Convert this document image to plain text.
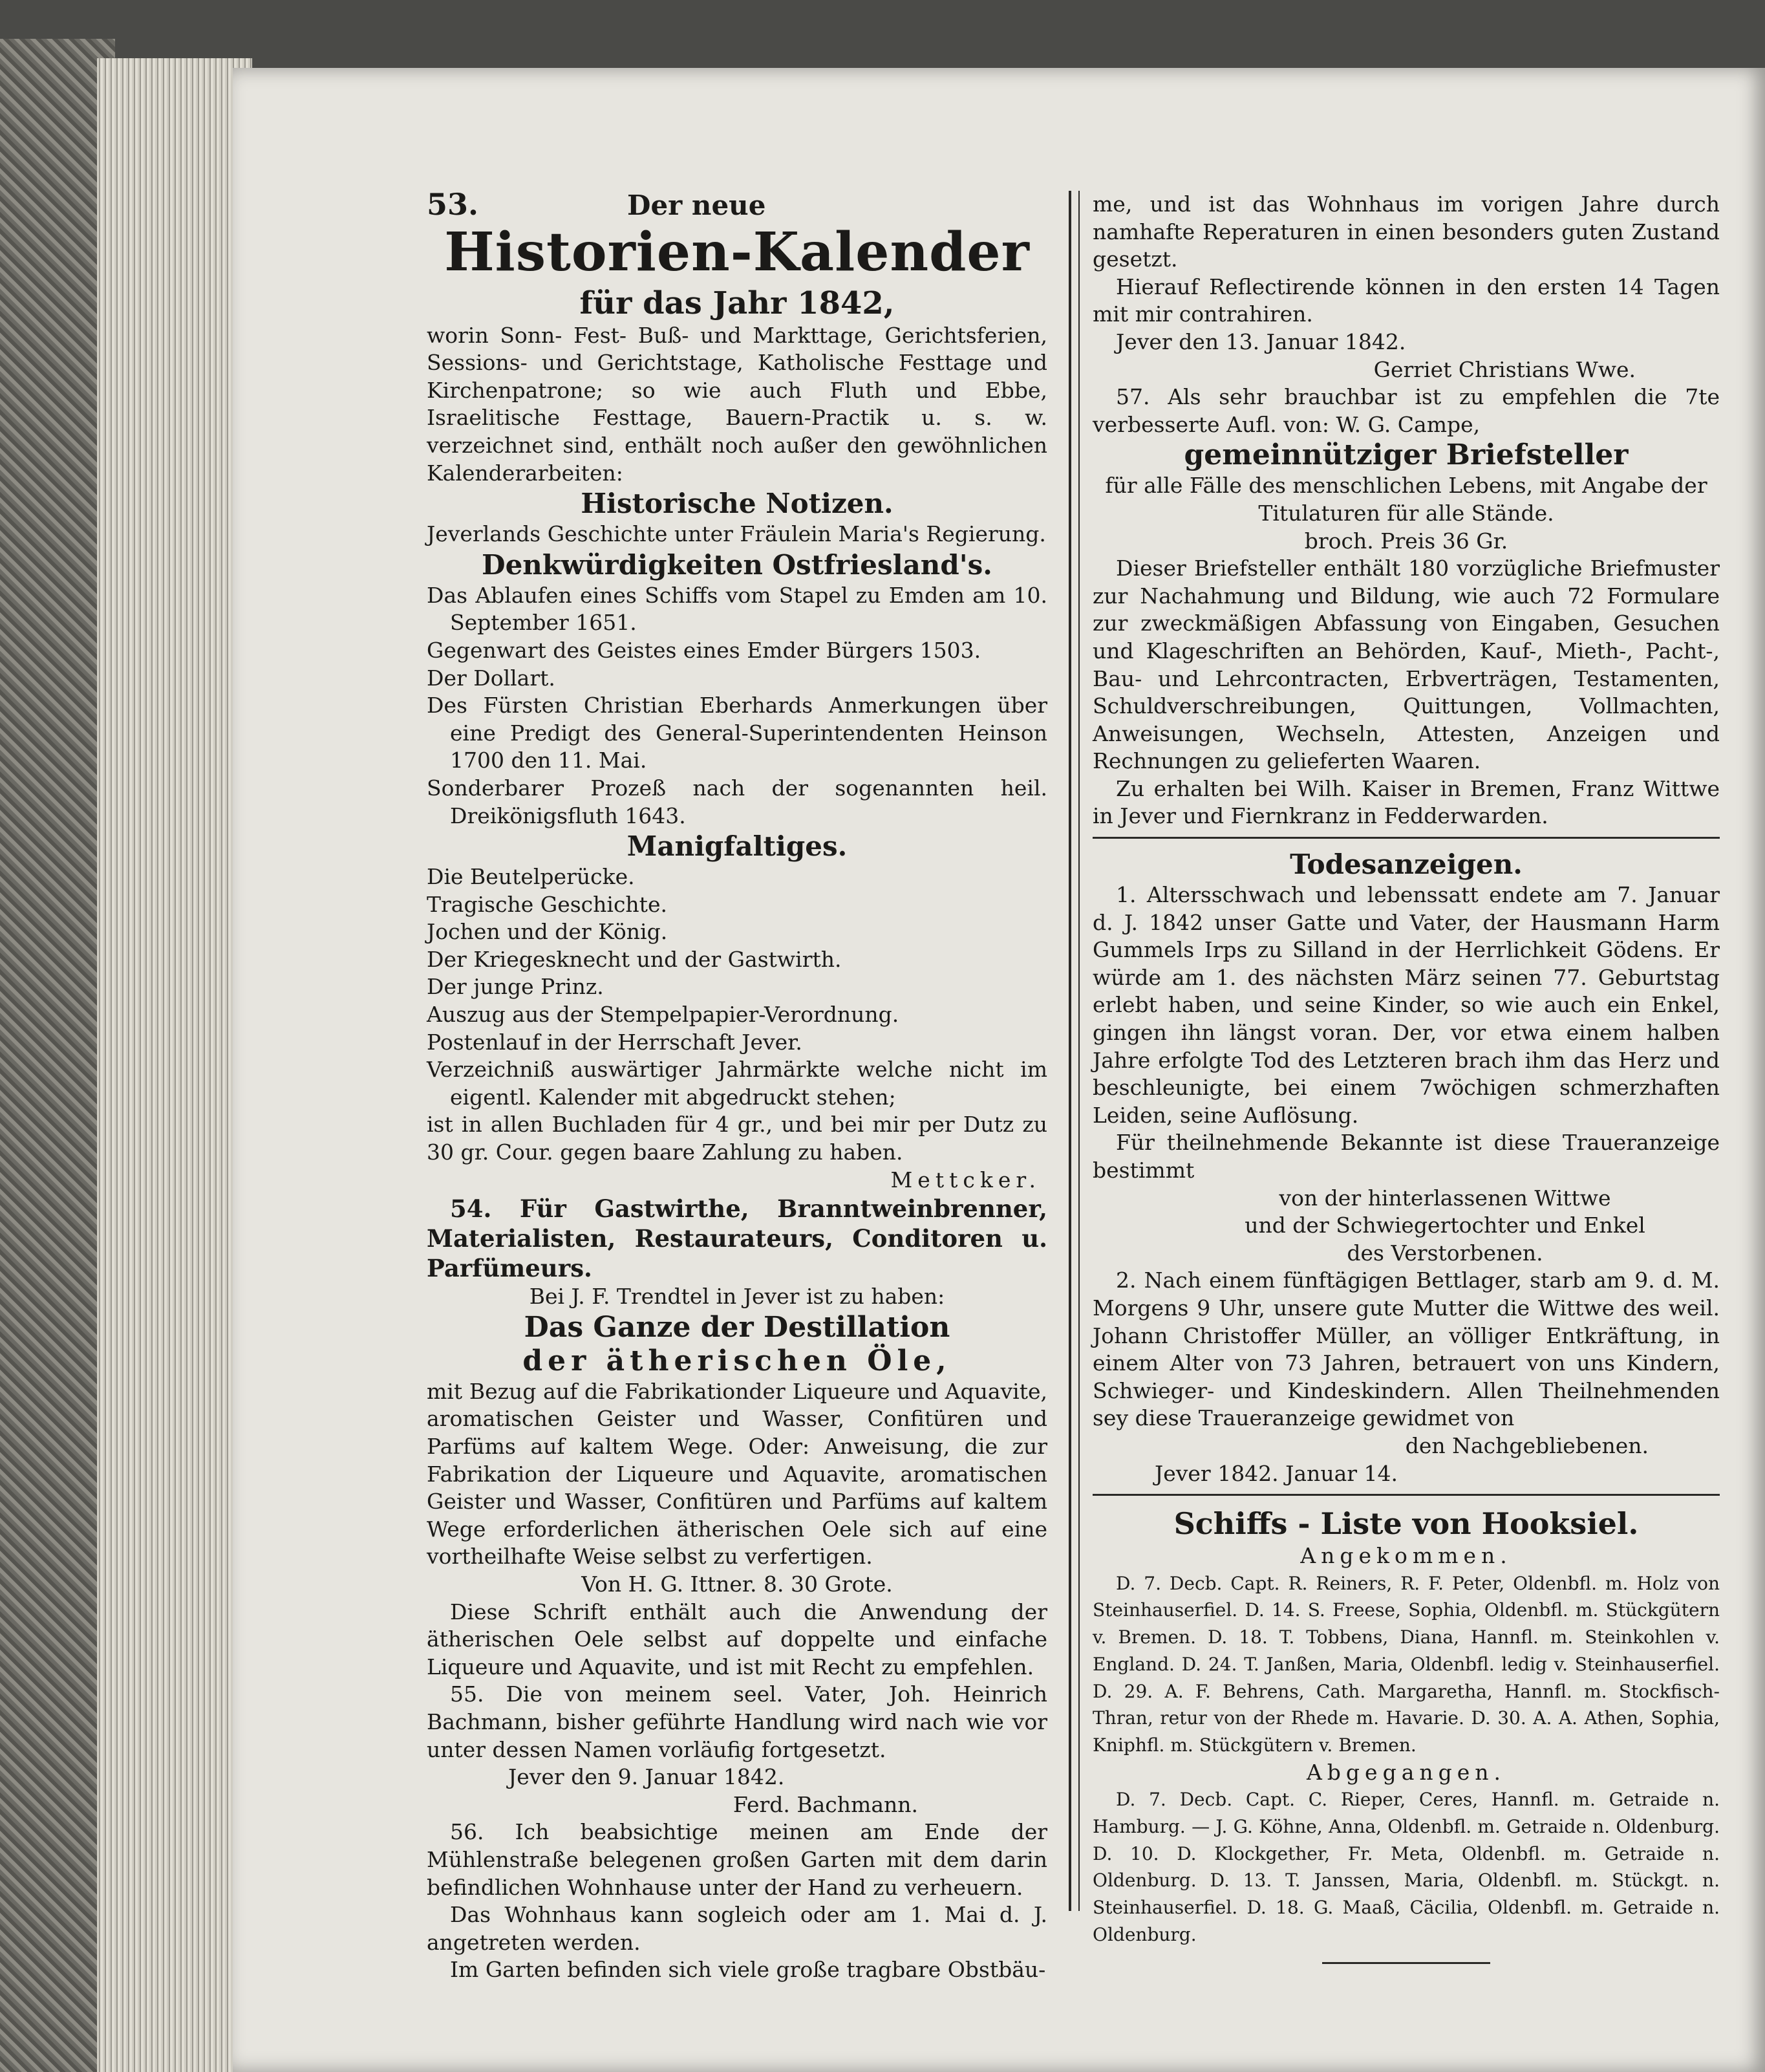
53.	Der neue

Historien-Kalender

für das Jahr 1842,

worin Sonn- Fest- Buß- und Markttage, Gerichtsferien, Sessions- und Gerichtstage, Katholische Festtage und Kirchenpatrone; so wie auch Fluth und Ebbe, Israelitische Festtage, Bauern-Practik u. s. w. verzeichnet sind, enthält noch außer den gewöhnlichen Kalenderarbeiten:

Historische Notizen.

Jeverlands Geschichte unter Fräulein Maria's Regierung.

Denkwürdigkeiten Ostfriesland's.

Das Ablaufen eines Schiffs vom Stapel zu Emden am 10. September 1651.

Gegenwart des Geistes eines Emder Bürgers 1503.

Der Dollart.

Des Fürsten Christian Eberhards Anmerkungen über eine Predigt des General-Superintendenten Heinson 1700 den 11. Mai.

Sonderbarer Prozeß nach der sogenannten heil. Dreikönigsfluth 1643.

Manigfaltiges.

Die Beutelperücke.

Tragische Geschichte.

Jochen und der König.

Der Kriegesknecht und der Gastwirth.

Der junge Prinz.

Auszug aus der Stempelpapier-Verordnung.

Postenlauf in der Herrschaft Jever.

Verzeichniß auswärtiger Jahrmärkte welche nicht im eigentl. Kalender mit abgedruckt stehen;

ist in allen Buchladen für 4 gr., und bei mir per Dutz zu 30 gr. Cour. gegen baare Zahlung zu haben.

Mettcker.

54. Für Gastwirthe, Branntweinbrenner, Materialisten, Restaurateurs, Conditoren u. Parfümeurs.

Bei J. F. Trendtel in Jever ist zu haben:

Das Ganze der Destillation

der ätherischen Öle,

mit Bezug auf die Fabrikationder Liqueure und Aquavite, aromatischen Geister und Wasser, Confitüren und Parfüms auf kaltem Wege. Oder: Anweisung, die zur Fabrikation der Liqueure und Aquavite, aromatischen Geister und Wasser, Confitüren und Parfüms auf kaltem Wege erforderlichen ätherischen Oele sich auf eine vortheilhafte Weise selbst zu verfertigen.

Von H. G. Ittner. 8. 30 Grote.

Diese Schrift enthält auch die Anwendung der ätherischen Oele selbst auf doppelte und einfache Liqueure und Aquavite, und ist mit Recht zu empfehlen.

55. Die von meinem seel. Vater, Joh. Heinrich Bachmann, bisher geführte Handlung wird nach wie vor unter dessen Namen vorläufig fortgesetzt.

Jever den 9. Januar 1842.

Ferd. Bachmann.

56. Ich beabsichtige meinen am Ende der Mühlenstraße belegenen großen Garten mit dem darin befindlichen Wohnhause unter der Hand zu verheuern.

Das Wohnhaus kann sogleich oder am 1. Mai d. J. angetreten werden.

Im Garten befinden sich viele große tragbare Obstbäu-

me, und ist das Wohnhaus im vorigen Jahre durch namhafte Reperaturen in einen besonders guten Zustand gesetzt.

Hierauf Reflectirende können in den ersten 14 Tagen mit mir contrahiren.

Jever den 13. Januar 1842.

Gerriet Christians Wwe.

57. Als sehr brauchbar ist zu empfehlen die 7te verbesserte Aufl. von: W. G. Campe,

gemeinnütziger Briefsteller

für alle Fälle des menschlichen Lebens, mit Angabe der Titulaturen für alle Stände.

broch. Preis 36 Gr.

Dieser Briefsteller enthält 180 vorzügliche Briefmuster zur Nachahmung und Bildung, wie auch 72 Formulare zur zweckmäßigen Abfassung von Eingaben, Gesuchen und Klageschriften an Behörden, Kauf-, Mieth-, Pacht-, Bau- und Lehrcontracten, Erbverträgen, Testamenten, Schuldverschreibungen, Quittungen, Vollmachten, Anweisungen, Wechseln, Attesten, Anzeigen und Rechnungen zu gelieferten Waaren.

Zu erhalten bei Wilh. Kaiser in Bremen, Franz Wittwe in Jever und Fiernkranz in Fedderwarden.

Todesanzeigen.

1. Altersschwach und lebenssatt endete am 7. Januar d. J. 1842 unser Gatte und Vater, der Hausmann Harm Gummels Irps zu Silland in der Herrlichkeit Gödens. Er würde am 1. des nächsten März seinen 77. Geburtstag erlebt haben, und seine Kinder, so wie auch ein Enkel, gingen ihn längst voran. Der, vor etwa einem halben Jahre erfolgte Tod des Letzteren brach ihm das Herz und beschleunigte, bei einem 7wöchigen schmerzhaften Leiden, seine Auflösung.

Für theilnehmende Bekannte ist diese Traueranzeige bestimmt

von der hinterlassenen Wittwe

und der Schwiegertochter und Enkel

des Verstorbenen.

2. Nach einem fünftägigen Bettlager, starb am 9. d. M. Morgens 9 Uhr, unsere gute Mutter die Wittwe des weil. Johann Christoffer Müller, an völliger Entkräftung, in einem Alter von 73 Jahren, betrauert von uns Kindern, Schwieger- und Kindeskindern. Allen Theilnehmenden sey diese Traueranzeige gewidmet von

den Nachgebliebenen.

Jever 1842. Januar 14.

Schiffs - Liste von Hooksiel.

Angekommen.

D. 7. Decb. Capt. R. Reiners, R. F. Peter, Oldenbfl. m. Holz von Steinhauserfiel. D. 14. S. Freese, Sophia, Oldenbfl. m. Stückgütern v. Bremen. D. 18. T. Tobbens, Diana, Hannfl. m. Steinkohlen v. England. D. 24. T. Janßen, Maria, Oldenbfl. ledig v. Steinhauserfiel. D. 29. A. F. Behrens, Cath. Margaretha, Hannfl. m. Stockfisch-Thran, retur von der Rhede m. Havarie. D. 30. A. A. Athen, Sophia, Kniphfl. m. Stückgütern v. Bremen.

Abgegangen.

D. 7. Decb. Capt. C. Rieper, Ceres, Hannfl. m. Getraide n. Hamburg. — J. G. Köhne, Anna, Oldenbfl. m. Getraide n. Oldenburg. D. 10. D. Klockgether, Fr. Meta, Oldenbfl. m. Getraide n. Oldenburg. D. 13. T. Janssen, Maria, Oldenbfl. m. Stückgt. n. Steinhauserfiel. D. 18. G. Maaß, Cäcilia, Oldenbfl. m. Getraide n. Oldenburg.
